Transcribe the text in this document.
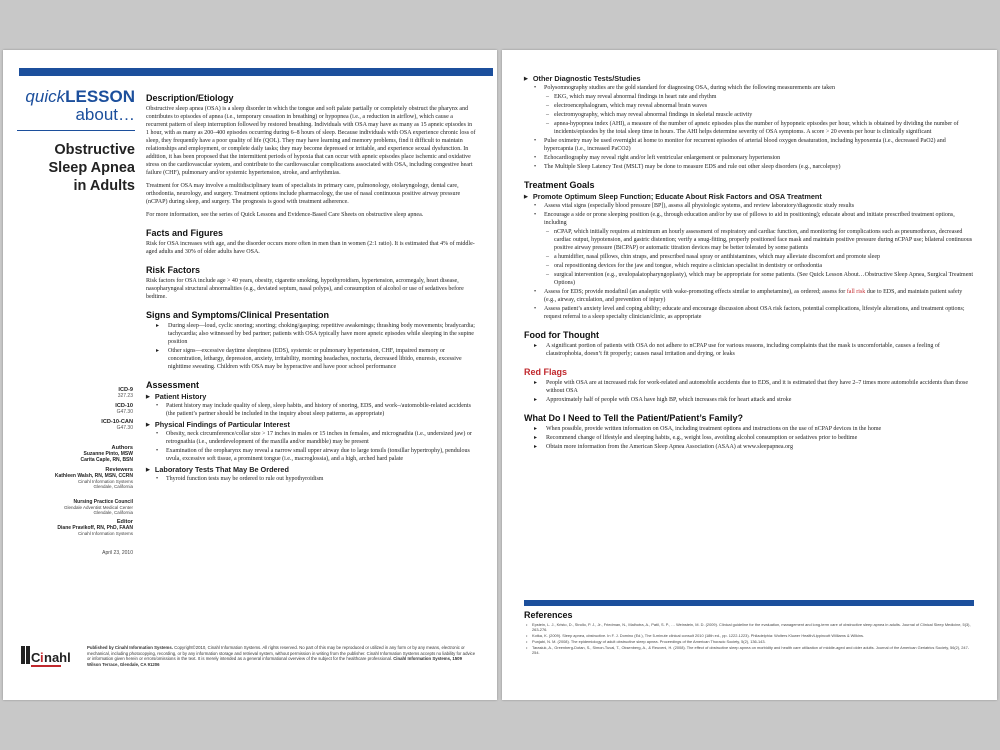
quickLESSON
about…
Obstructive
Sleep Apnea
in Adults
ICD-9
327.23
ICD-10
G47.30
ICD-10-CAN
G47.30
Authors
Suzanne Pinto, MSW
Carita Caple, RN, BSN
Reviewers
Kathleen Walsh, RN, MSN, CCRN
Cinahl Information Systems
Glendale, California
Nursing Practice Council
Glendale Adventist Medical Center
Glendale, California
Editor
Diane Pravikoff, RN, PhD, FAAN
Cinahl Information Systems
April 23, 2010
Description/Etiology
Obstructive sleep apnea (OSA) is a sleep disorder in which the tongue and soft palate partially or completely obstruct the pharynx and contributes to episodes of apnea (i.e., temporary cessation in breathing) or hypopnea (i.e., a reduction in airflow), which cause a recurrent pattern of sleep interruption followed by restored breathing. Individuals with OSA may have as many as 15 apneic episodes in 1 hour, with as many as 200–400 episodes occurring during 6–8 hours of sleep. Because individuals with OSA experience chronic loss of sleep, they frequently have a poor quality of life (QOL). They may have learning and memory problems, find it difficult to maintain relationships and employment, or complete daily tasks; they may become depressed or irritable, and experience sexual dysfunction. In addition, it has been proposed that the intermittent periods of hypoxia that can occur with apneic episodes place ischemic and oxidative stress on the cardiovascular system, and contribute to the cardiovascular complications associated with OSA, including congestive heart failure (CHF), pulmonary and/or systemic hypertension, stroke, and arrhythmias.
Treatment for OSA may involve a multidisciplinary team of specialists in primary care, pulmonology, otolaryngology, dental care, orthodontia, neurology, and surgery. Treatment options include pharmacology, the use of nasal continuous positive airway pressure (nCPAP) during sleep, and surgery. The prognosis is good with treatment adherence.
For more information, see the series of Quick Lessons and Evidence-Based Care Sheets on obstructive sleep apnea.
Facts and Figures
Risk for OSA increases with age, and the disorder occurs more often in men than in women (2:1 ratio). It is estimated that 4% of middle-aged adults and 30% of older adults have OSA.
Risk Factors
Risk factors for OSA include age > 40 years, obesity, cigarette smoking, hypothyroidism, hypertension, acromegaly, heart disease, nasopharyngeal structural abnormalities (e.g., deviated septum, nasal polyps), and consumption of alcohol or use of sedatives before bedtime.
Signs and Symptoms/Clinical Presentation
▸ During sleep—loud, cyclic snoring; snorting; choking/gasping; repetitive awakenings; thrashing body movements; bradycardia; tachycardia; also witnessed by bed partner; patients with OSA typically have more apneic episodes while sleeping in the supine position
▸ Other signs—excessive daytime sleepiness (EDS), systemic or pulmonary hypertension, CHF, impaired memory or concentration, lethargy, depression, anxiety, irritability, morning headaches, nocturia, decreased libido, enuresis, excessive nighttime sweating. Children with OSA may be hyperactive and have poor school performance
Assessment
▶ Patient History
• Patient history may include quality of sleep, sleep habits, and history of snoring, EDS, and work–/automobile-related accidents (the patient’s partner should be included in the inquiry about sleep patterns, as appropriate)
▶ Physical Findings of Particular Interest
• Obesity, neck circumference/collar size > 17 inches in males or 15 inches in females, and micrognathia (i.e., undersized jaw) or retrognathia (i.e., underdevelopment of the maxilla and/or mandible) may be present
• Examination of the oropharynx may reveal a narrow small upper airway due to large tonsils (tonsillar hypertrophy), pendulous uvula, excessive soft tissue, a prominent tongue (i.e., macroglossia), and a high, arched hard palate
▶ Laboratory Tests That May Be Ordered
• Thyroid function tests may be ordered to rule out hypothyroidism
C i nahl
Published by Cinahl Information Systems. Copyright©2010, Cinahl Information Systems. All rights reserved. No part of this may be reproduced or utilized in any form or by any means, electronic or mechanical, including photocopying, recording, or by any information storage and retrieval system, without permission in writing from the publisher. Cinahl Information Systems accepts no liability for advice or information given herein or errors/omissions in the text. It is merely intended as a general informational overview of the subject for the healthcare professional. Cinahl Information Systems, 1509 Wilson Terrace, Glendale, CA 91206
▶ Other Diagnostic Tests/Studies
• Polysomnography studies are the gold standard for diagnosing OSA, during which the following measurements are taken
– EKG, which may reveal abnormal findings in heart rate and rhythm
– electroencephalogram, which may reveal abnormal brain waves
– electromyography, which may reveal abnormal findings in skeletal muscle activity
– apnea-hypopnea index (AHI), a measure of the number of apneic episodes plus the number of hypopneic episodes per hour, which is obtained by dividing the number of incidents/episodes by the total sleep time in hours. The AHI helps determine severity of OSA symptoms. A score > 20 events per hour is clinically significant
• Pulse oximetry may be used overnight at home to monitor for recurrent episodes of arterial blood oxygen desaturation, including hypoxemia (i.e., decreased PaO2) and hypercapnia (i.e., increased PaCO2)
• Echocardiography may reveal right and/or left ventricular enlargement or pulmonary hypertension
• The Multiple Sleep Latency Test (MSLT) may be done to measure EDS and rule out other sleep disorders (e.g., narcolepsy)
Treatment Goals
▶ Promote Optimum Sleep Function; Educate About Risk Factors and OSA Treatment
• Assess vital signs (especially blood pressure [BP]), assess all physiologic systems, and review laboratory/diagnostic study results
• Encourage a side or prone sleeping position (e.g., through education and/or by use of pillows to aid in positioning); educate about and initiate prescribed treatment options, including
– nCPAP, which initially requires at minimum an hourly assessment of respiratory and cardiac function, and monitoring for complications such as pneumothorax, decreased cardiac output, hypotension, and gastric distention; verify a snug-fitting, properly positioned face mask and maintain positive pressure during nCPAP use; bilateral continuous positive airway pressure (BiCPAP) or automatic titration devices may be better tolerated by some patients
– a humidifier, nasal pillows, chin straps, and prescribed nasal spray or antihistamines, which may alleviate discomfort and promote sleep
– oral repositioning devices for the jaw and tongue, which require a clinician specialist in dentistry or orthodontia
– surgical intervention (e.g., uvulopalatopharyngoplasty), which may be appropriate for some patients. (See Quick Lesson About…Obstructive Sleep Apnea, Surgical Treatment Options)
• Assess for EDS; provide modafinil (an analeptic with wake-promoting effects similar to amphetamine), as ordered; assess for fall risk due to EDS, and maintain patient safety (e.g., airway, circulation, and prevention of injury)
• Assess patient’s anxiety level and coping ability; educate and encourage discussion about OSA risk factors, potential complications, lifestyle alterations, and treatment options; request referral to a sleep specialty clinician/clinic, as appropriate
Food for Thought
▸ A significant portion of patients with OSA do not adhere to nCPAP use for various reasons, including complaints that the mask is uncomfortable, causes a feeling of claustrophobia, doesn’t fit properly; causes nasal irritation and drying, or leaks
Red Flags
▸ People with OSA are at increased risk for work-related and automobile accidents due to EDS, and it is estimated that they have 2–7 times more automobile accidents than those without OSA
▸ Approximately half of people with OSA have high BP, which increases risk for heart attack and stroke
What Do I Need to Tell the Patient/Patient’s Family?
▸ When possible, provide written information on OSA, including treatment options and instructions on the use of nCPAP devices in the home
▸ Recommend change of lifestyle and sleeping habits, e.g., weight loss, avoiding alcohol consumption or sedatives prior to bedtime
▸ Obtain more information from the American Sleep Apnea Association (ASAA) at www.sleepapnea.org
References
• Epstein, L. J., Kristo, D., Strollo, P. J., Jr., Friedman, N., Malhotra, A., Patil, S. P., … Weinstein, M. D. (2009). Clinical guideline for the evaluation, management and long-term care of obstructive sleep apnea in adults. Journal of Clinical Sleep Medicine, 5(3), 263-276.
• Kotka, K. (2009). Sleep apnea, obstructive. In F. J. Domino (Ed.), The 5-minute clinical consult 2010 (18th ed., pp. 1222-1223). Philadelphia: Wolters Kluwer Health/Lippincott Williams & Wilkins.
• Punjabi, N. M. (2008). The epidemiology of adult obstructive sleep apnea. Proceedings of the American Thoracic Society, 5(2), 136-143.
• Tarasiuk, A., Greenberg-Dotan, S., Simon-Tuval, T., Oksenberg, A., & Reuveni, H. (2008). The effect of obstructive sleep apnea on morbidity and health care utilization of middle-aged and older adults. Journal of the American Geriatrics Society, 56(2), 247-254.
